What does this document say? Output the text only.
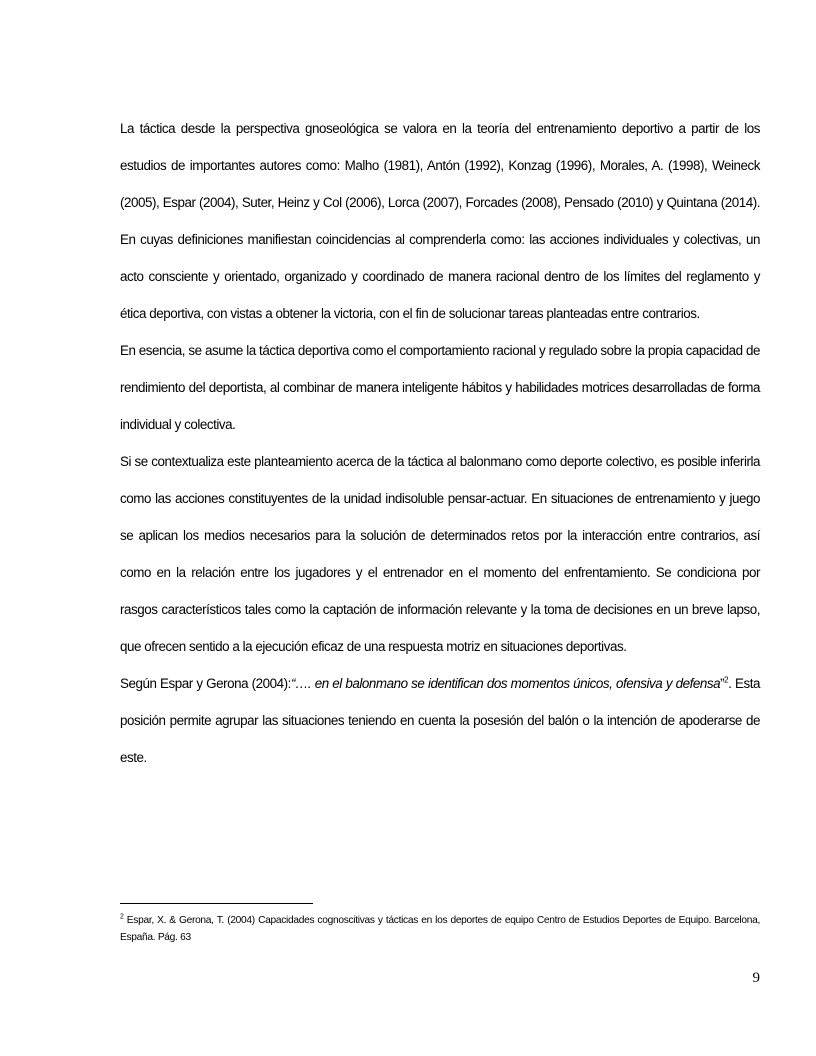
La táctica desde la perspectiva gnoseológica se valora en la teoría del entrenamiento deportivo a partir de los estudios de importantes autores como: Malho (1981), Antón (1992), Konzag (1996), Morales, A. (1998), Weineck (2005), Espar (2004), Suter, Heinz y Col (2006), Lorca (2007), Forcades (2008), Pensado (2010) y Quintana (2014). En cuyas definiciones manifiestan coincidencias al comprenderla como: las acciones individuales y colectivas, un acto consciente y orientado, organizado y coordinado de manera racional dentro de los límites del reglamento y ética deportiva, con vistas a obtener la victoria, con el fin de solucionar tareas planteadas entre contrarios.

En esencia, se asume la táctica deportiva como el comportamiento racional y regulado sobre la propia capacidad de rendimiento del deportista, al combinar de manera inteligente hábitos y habilidades motrices desarrolladas de forma individual y colectiva.

Si se contextualiza este planteamiento acerca de la táctica al balonmano como deporte colectivo, es posible inferirla como las acciones constituyentes de la unidad indisoluble pensar-actuar. En situaciones de entrenamiento y juego se aplican los medios necesarios para la solución de determinados retos por la interacción entre contrarios, así como en la relación entre los jugadores y el entrenador en el momento del enfrentamiento. Se condiciona por rasgos característicos tales como la captación de información relevante y la toma de decisiones en un breve lapso, que ofrecen sentido a la ejecución eficaz de una respuesta motriz en situaciones deportivas.

Según Espar y Gerona (2004):“…. en el balonmano se identifican dos momentos únicos, ofensiva y defensa”$^2$. Esta posición permite agrupar las situaciones teniendo en cuenta la posesión del balón o la intención de apoderarse de este.

$^2$ Espar, X. & Gerona, T. (2004) Capacidades cognoscitivas y tácticas en los deportes de equipo Centro de Estudios Deportes de Equipo. Barcelona, España. Pág. 63
9
